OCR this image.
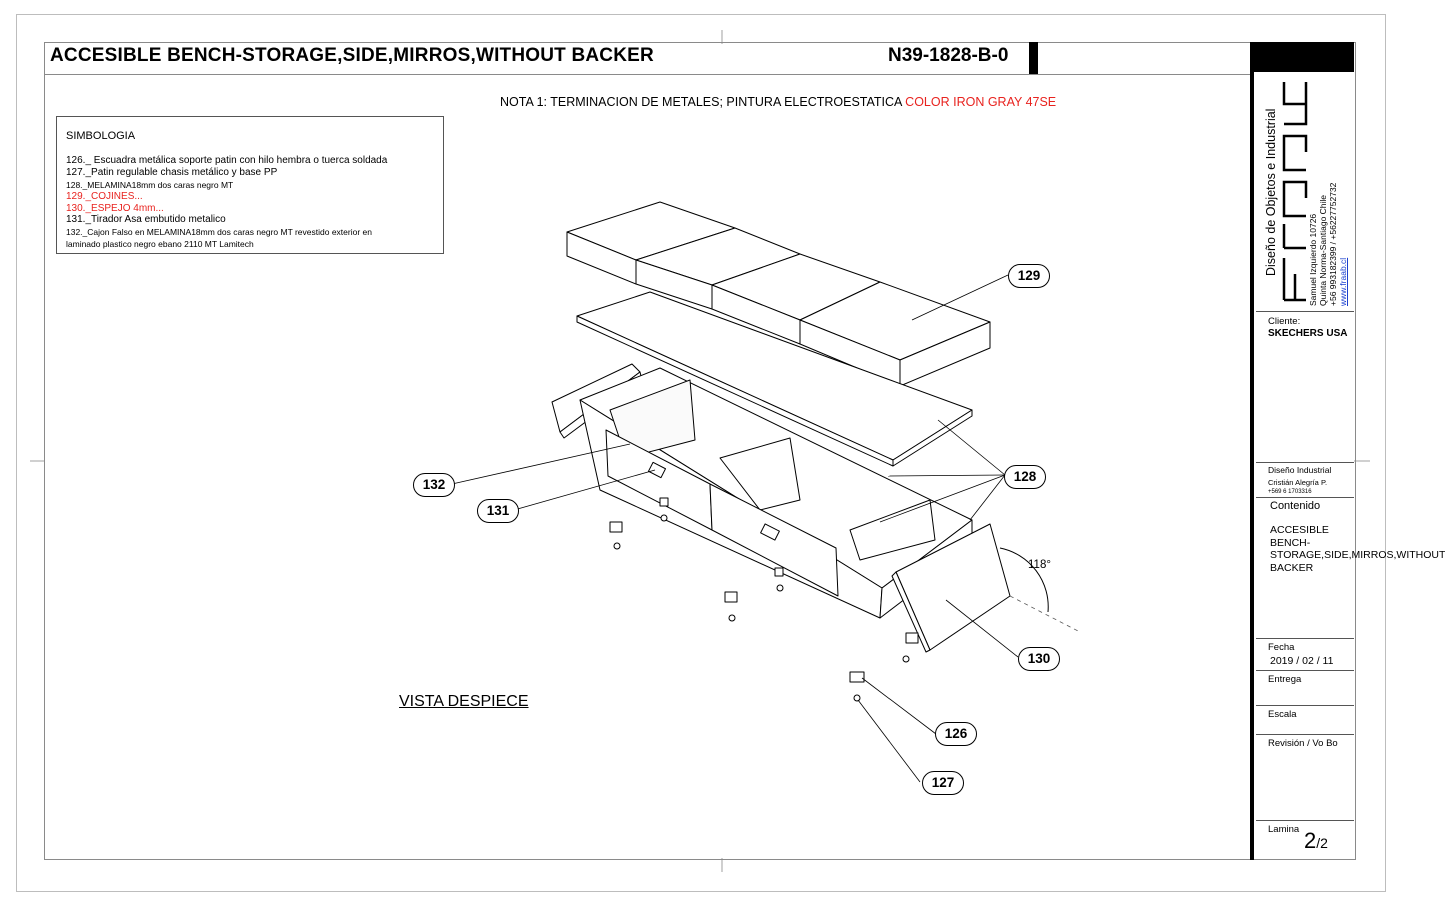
ACCESIBLE BENCH-STORAGE,SIDE,MIRROS,WITHOUT BACKER	N39-1828-B-0
NOTA 1: TERMINACION DE METALES; PINTURA ELECTROESTATICA COLOR IRON GRAY 47SE
SIMBOLOGIA
126._ Escuadra metálica soporte patin con hilo hembra o tuerca soldada
127._Patin regulable chasis metálico y base PP
128._MELAMINA18mm dos caras negro MT
129._COJINES...
130._ESPEJO 4mm...
131._Tirador Asa embutido metalico
132._Cajon Falso en MELAMINA18mm dos caras negro MT revestido exterior en
laminado plastico negro ebano 2110 MT Lamitech
129
128
132
131
130
126
127
118°
VISTA DESPIECE
Diseño de Objetos e Industrial	Samuel Izquierdo 10726 Quinta Norma-Santiago Chile +56 993182399 / +56227752732 www.fraab.cl
Cliente:
SKECHERS USA
Diseño Industrial
Cristián Alegría P.
+569 6 1703316
Contenido
ACCESIBLE BENCH-STORAGE,SIDE,MIRROS,WITHOUT BACKER
Fecha
2019 / 02 / 11
Entrega
Escala
Revisión / Vo Bo
Lamina 2/2
